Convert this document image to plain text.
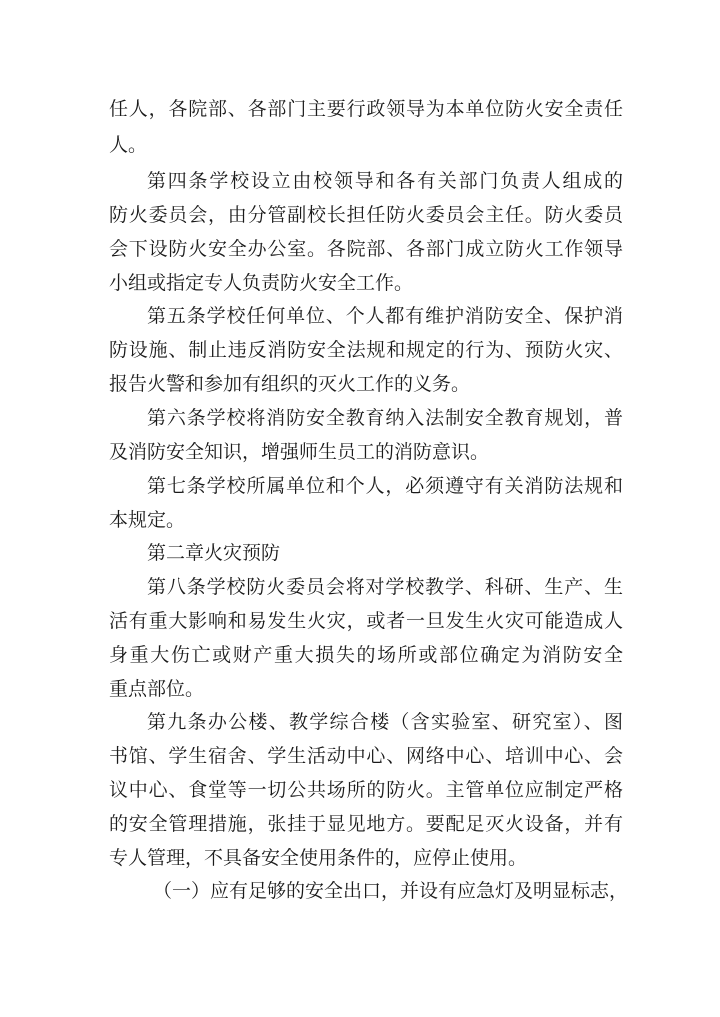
任人，各院部、各部门主要行政领导为本单位防火安全责任
人。
第四条学校设立由校领导和各有关部门负责人组成的
防火委员会，由分管副校长担任防火委员会主任。防火委员
会下设防火安全办公室。各院部、各部门成立防火工作领导
小组或指定专人负责防火安全工作。
第五条学校任何单位、个人都有维护消防安全、保护消
防设施、制止违反消防安全法规和规定的行为、预防火灾、
报告火警和参加有组织的灭火工作的义务。
第六条学校将消防安全教育纳入法制安全教育规划，普
及消防安全知识，增强师生员工的消防意识。
第七条学校所属单位和个人，必须遵守有关消防法规和
本规定。
第二章火灾预防
第八条学校防火委员会将对学校教学、科研、生产、生
活有重大影响和易发生火灾，或者一旦发生火灾可能造成人
身重大伤亡或财产重大损失的场所或部位确定为消防安全
重点部位。
第九条办公楼、教学综合楼（含实验室、研究室）、图
书馆、学生宿舍、学生活动中心、网络中心、培训中心、会
议中心、食堂等一切公共场所的防火。主管单位应制定严格
的安全管理措施，张挂于显见地方。要配足灭火设备，并有
专人管理，不具备安全使用条件的，应停止使用。
（一）应有足够的安全出口，并设有应急灯及明显标志，
